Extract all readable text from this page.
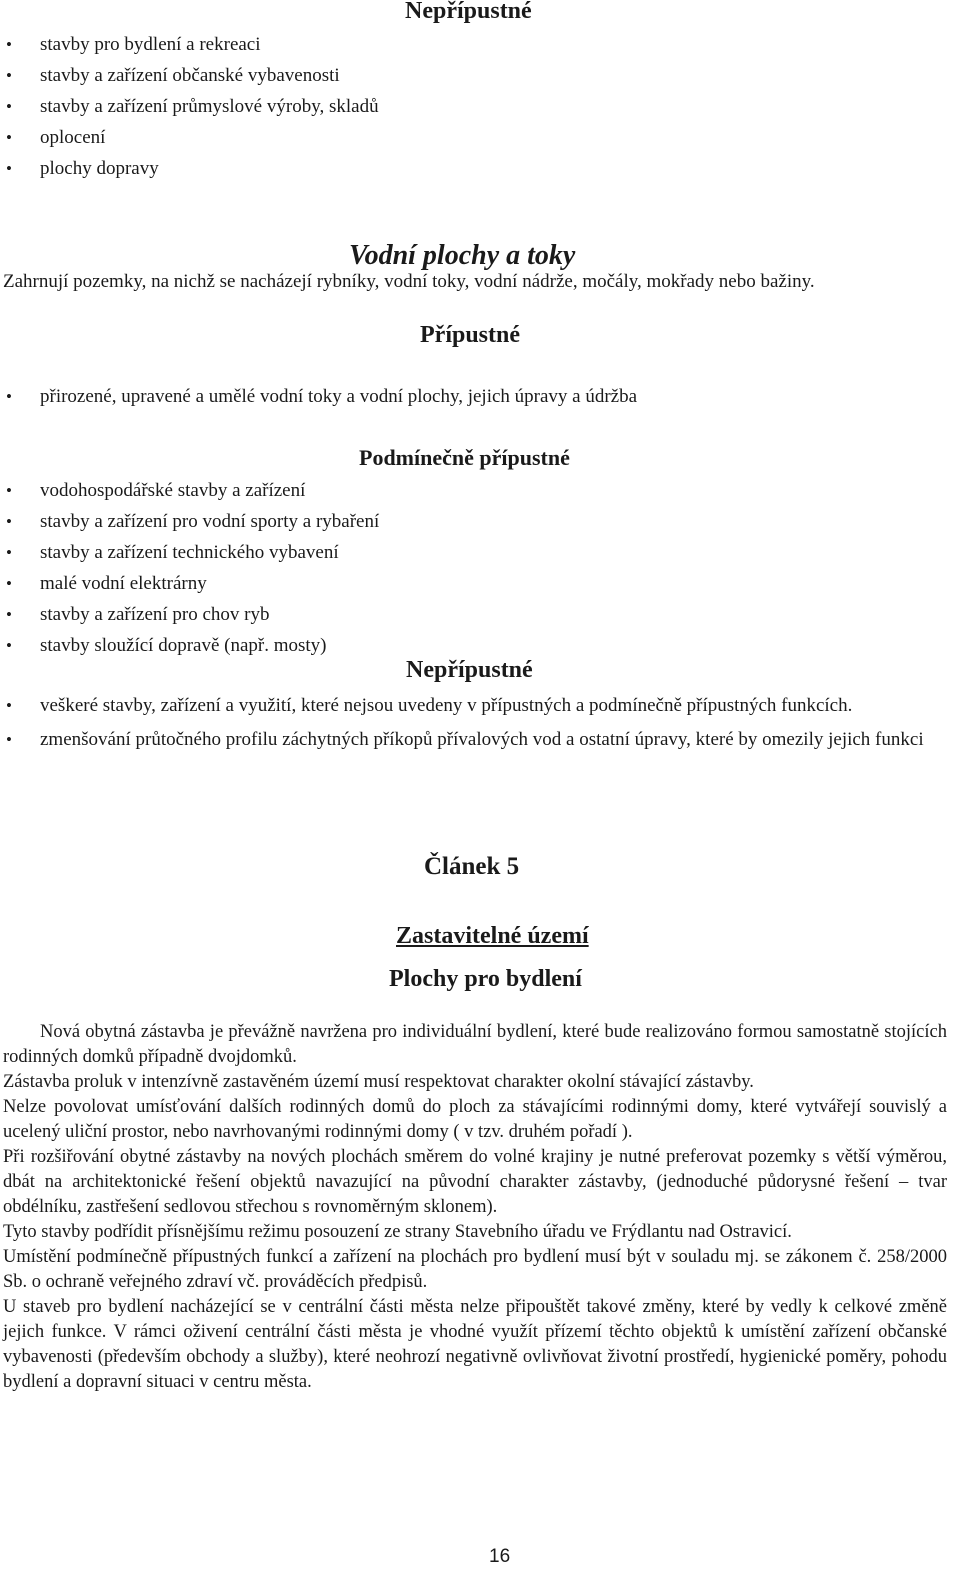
Nepřípustné
• stavby pro bydlení a rekreaci
• stavby a zařízení občanské vybavenosti
• stavby a zařízení průmyslové výroby, skladů
• oplocení
• plochy dopravy
Vodní plochy a toky
Zahrnují pozemky, na nichž se nacházejí rybníky, vodní toky, vodní nádrže, močály, mokřady nebo bažiny.
Přípustné
• přirozené, upravené a umělé vodní toky a vodní plochy, jejich úpravy a údržba
Podmínečně přípustné
• vodohospodářské stavby a zařízení
• stavby a zařízení pro vodní sporty a rybaření
• stavby a zařízení technického vybavení
• malé vodní elektrárny
• stavby a zařízení pro chov ryb
• stavby sloužící dopravě (např. mosty)
Nepřípustné
• veškeré stavby, zařízení a využití, které nejsou uvedeny v přípustných a podmínečně přípustných funkcích.
• zmenšování průtočného profilu záchytných příkopů přívalových vod a ostatní úpravy, které by omezily jejich funkci
Článek 5
Zastavitelné území
Plochy pro bydlení
Nová obytná zástavba je převážně navržena pro individuální bydlení, které bude realizováno formou samostatně stojících rodinných domků případně dvojdomků.
Zástavba proluk v intenzívně zastavěném území musí respektovat charakter okolní stávající zástavby.
Nelze povolovat umísťování dalších rodinných domů do ploch za stávajícími rodinnými domy, které vytvářejí souvislý a ucelený uliční prostor, nebo navrhovanými rodinnými domy ( v tzv. druhém pořadí ).
Při rozšiřování obytné zástavby na nových plochách směrem do volné krajiny je nutné preferovat pozemky s větší výměrou, dbát na architektonické řešení objektů navazující na původní charakter zástavby, (jednoduché půdorysné řešení – tvar obdélníku, zastřešení sedlovou střechou s rovnoměrným sklonem).
Tyto stavby podřídit přísnějšímu režimu posouzení ze strany Stavebního úřadu ve Frýdlantu nad Ostravicí.
Umístění podmínečně přípustných funkcí a zařízení na plochách pro bydlení musí být v souladu mj. se zákonem č. 258/2000 Sb. o ochraně veřejného zdraví vč. prováděcích předpisů.
U staveb pro bydlení nacházející se v centrální části města nelze připouštět takové změny, které by vedly k celkové změně jejich funkce. V rámci oživení centrální části města je vhodné využít přízemí těchto objektů k umístění zařízení občanské vybavenosti (především obchody a služby), které neohrozí negativně ovlivňovat životní prostředí, hygienické poměry, pohodu bydlení a dopravní situaci v centru města.
16
